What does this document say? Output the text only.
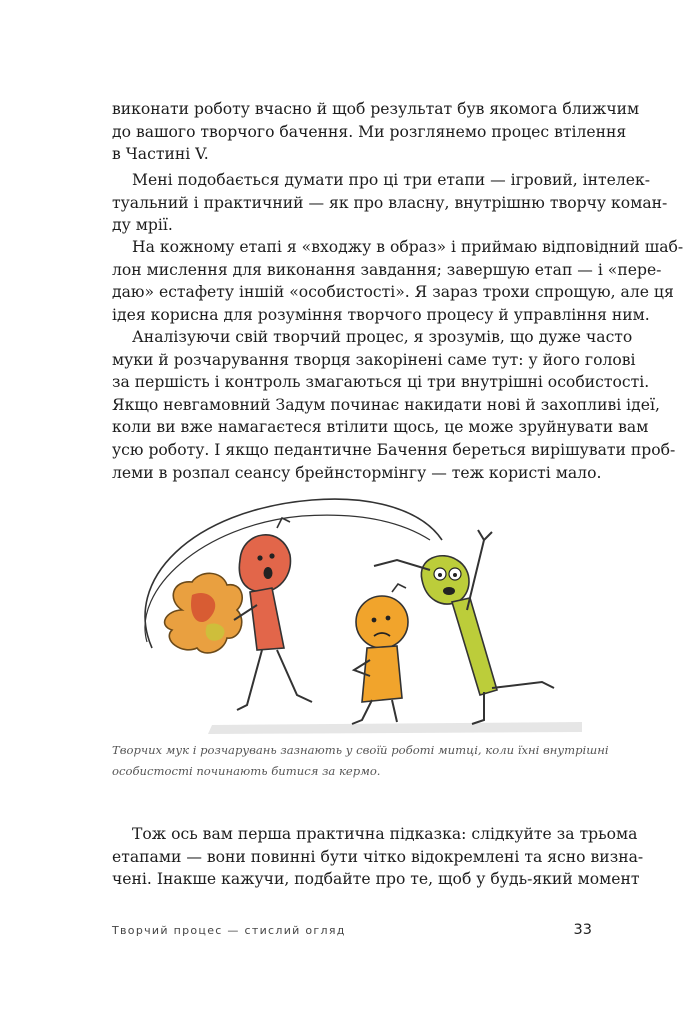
виконати роботу вчасно й щоб результат був якомога ближчим
до вашого творчого бачення. Ми розглянемо процес втілення
в Частині V.

Мені подобається думати про ці три етапи — ігровий, інтелек-
туальний і практичний — як про власну, внутрішню творчу коман-
ду мрії.

На кожному етапі я «входжу в образ» і приймаю відповідний шаб-
лон мислення для виконання завдання; завершую етап — і «пере-
даю» естафету іншій «особистості». Я зараз трохи спрощую, але ця
ідея корисна для розуміння творчого процесу й управління ним.

Аналізуючи свій творчий процес, я зрозумів, що дуже часто
муки й розчарування творця закорінені саме тут: у його голові
за першість і контроль змагаються ці три внутрішні особистості.
Якщо невгамовний Задум починає накидати нові й захопливі ідеї,
коли ви вже намагаєтеся втілити щось, це може зруйнувати вам
усю роботу. І якщо педантичне Бачення береться вирішувати проб-
леми в розпал сеансу брейнстормінгу — теж користі мало.

Творчих мук і розчарувань зазнають у своїй роботі митці, коли їхні внутрішні
особистості починають битися за кермо.

Тож ось вам перша практична підказка: слідкуйте за трьома
етапами — вони повинні бути чітко відокремлені та ясно визна-
чені. Інакше кажучи, подбайте про те, щоб у будь-який момент

Творчий процес — стислий огляд	33
